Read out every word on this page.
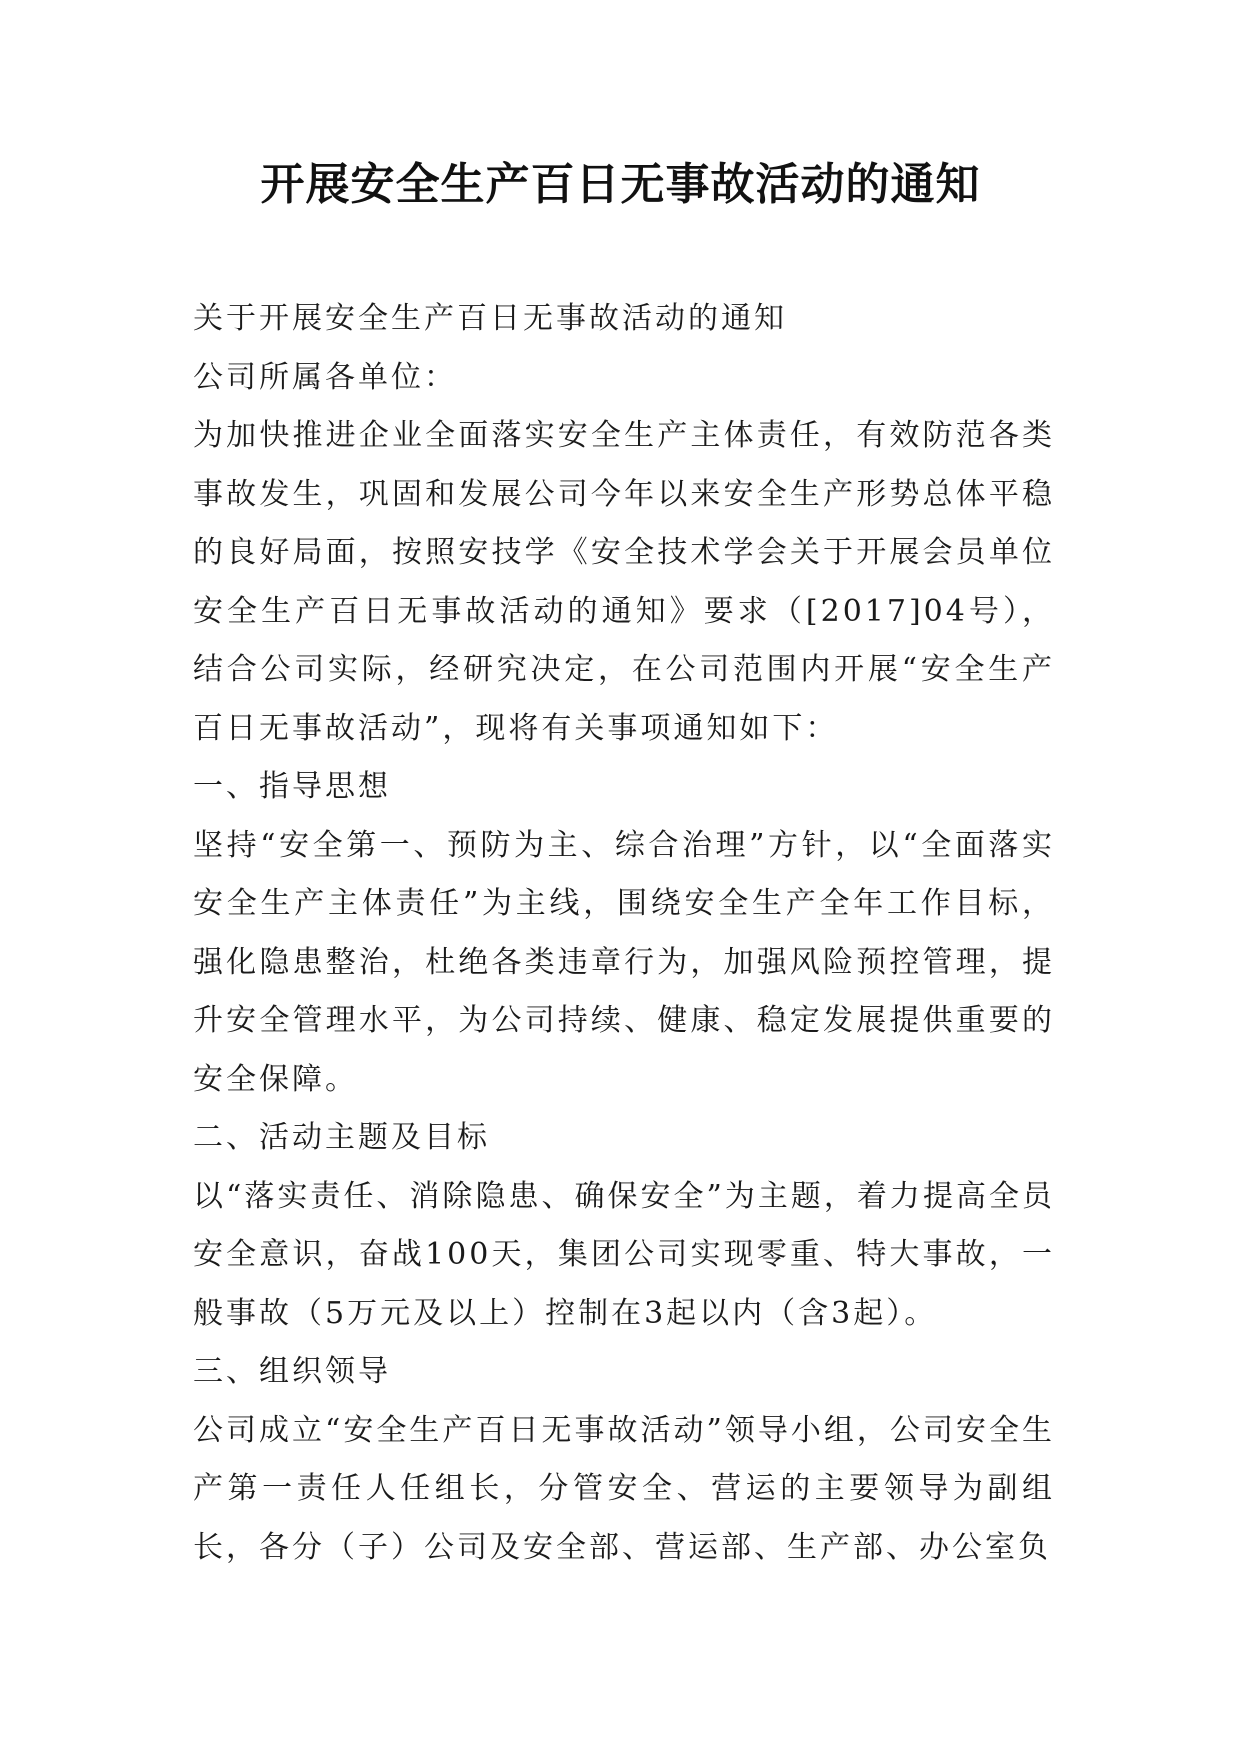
开展安全生产百日无事故活动的通知

关于开展安全生产百日无事故活动的通知

公司所属各单位：

为加快推进企业全面落实安全生产主体责任，有效防范各类事故发生，巩固和发展公司今年以来安全生产形势总体平稳的良好局面，按照安技学《安全技术学会关于开展会员单位安全生产百日无事故活动的通知》要求（[2017]04号），结合公司实际，经研究决定，在公司范围内开展“安全生产百日无事故活动”，现将有关事项通知如下：

一、指导思想

坚持“安全第一、预防为主、综合治理”方针，以“全面落实安全生产主体责任”为主线，围绕安全生产全年工作目标，强化隐患整治，杜绝各类违章行为，加强风险预控管理，提升安全管理水平，为公司持续、健康、稳定发展提供重要的安全保障。

二、活动主题及目标

以“落实责任、消除隐患、确保安全”为主题，着力提高全员安全意识，奋战100天，集团公司实现零重、特大事故，一般事故（5万元及以上）控制在3起以内（含3起）。

三、组织领导

公司成立“安全生产百日无事故活动”领导小组，公司安全生产第一责任人任组长，分管安全、营运的主要领导为副组长，各分（子）公司及安全部、营运部、生产部、办公室负
